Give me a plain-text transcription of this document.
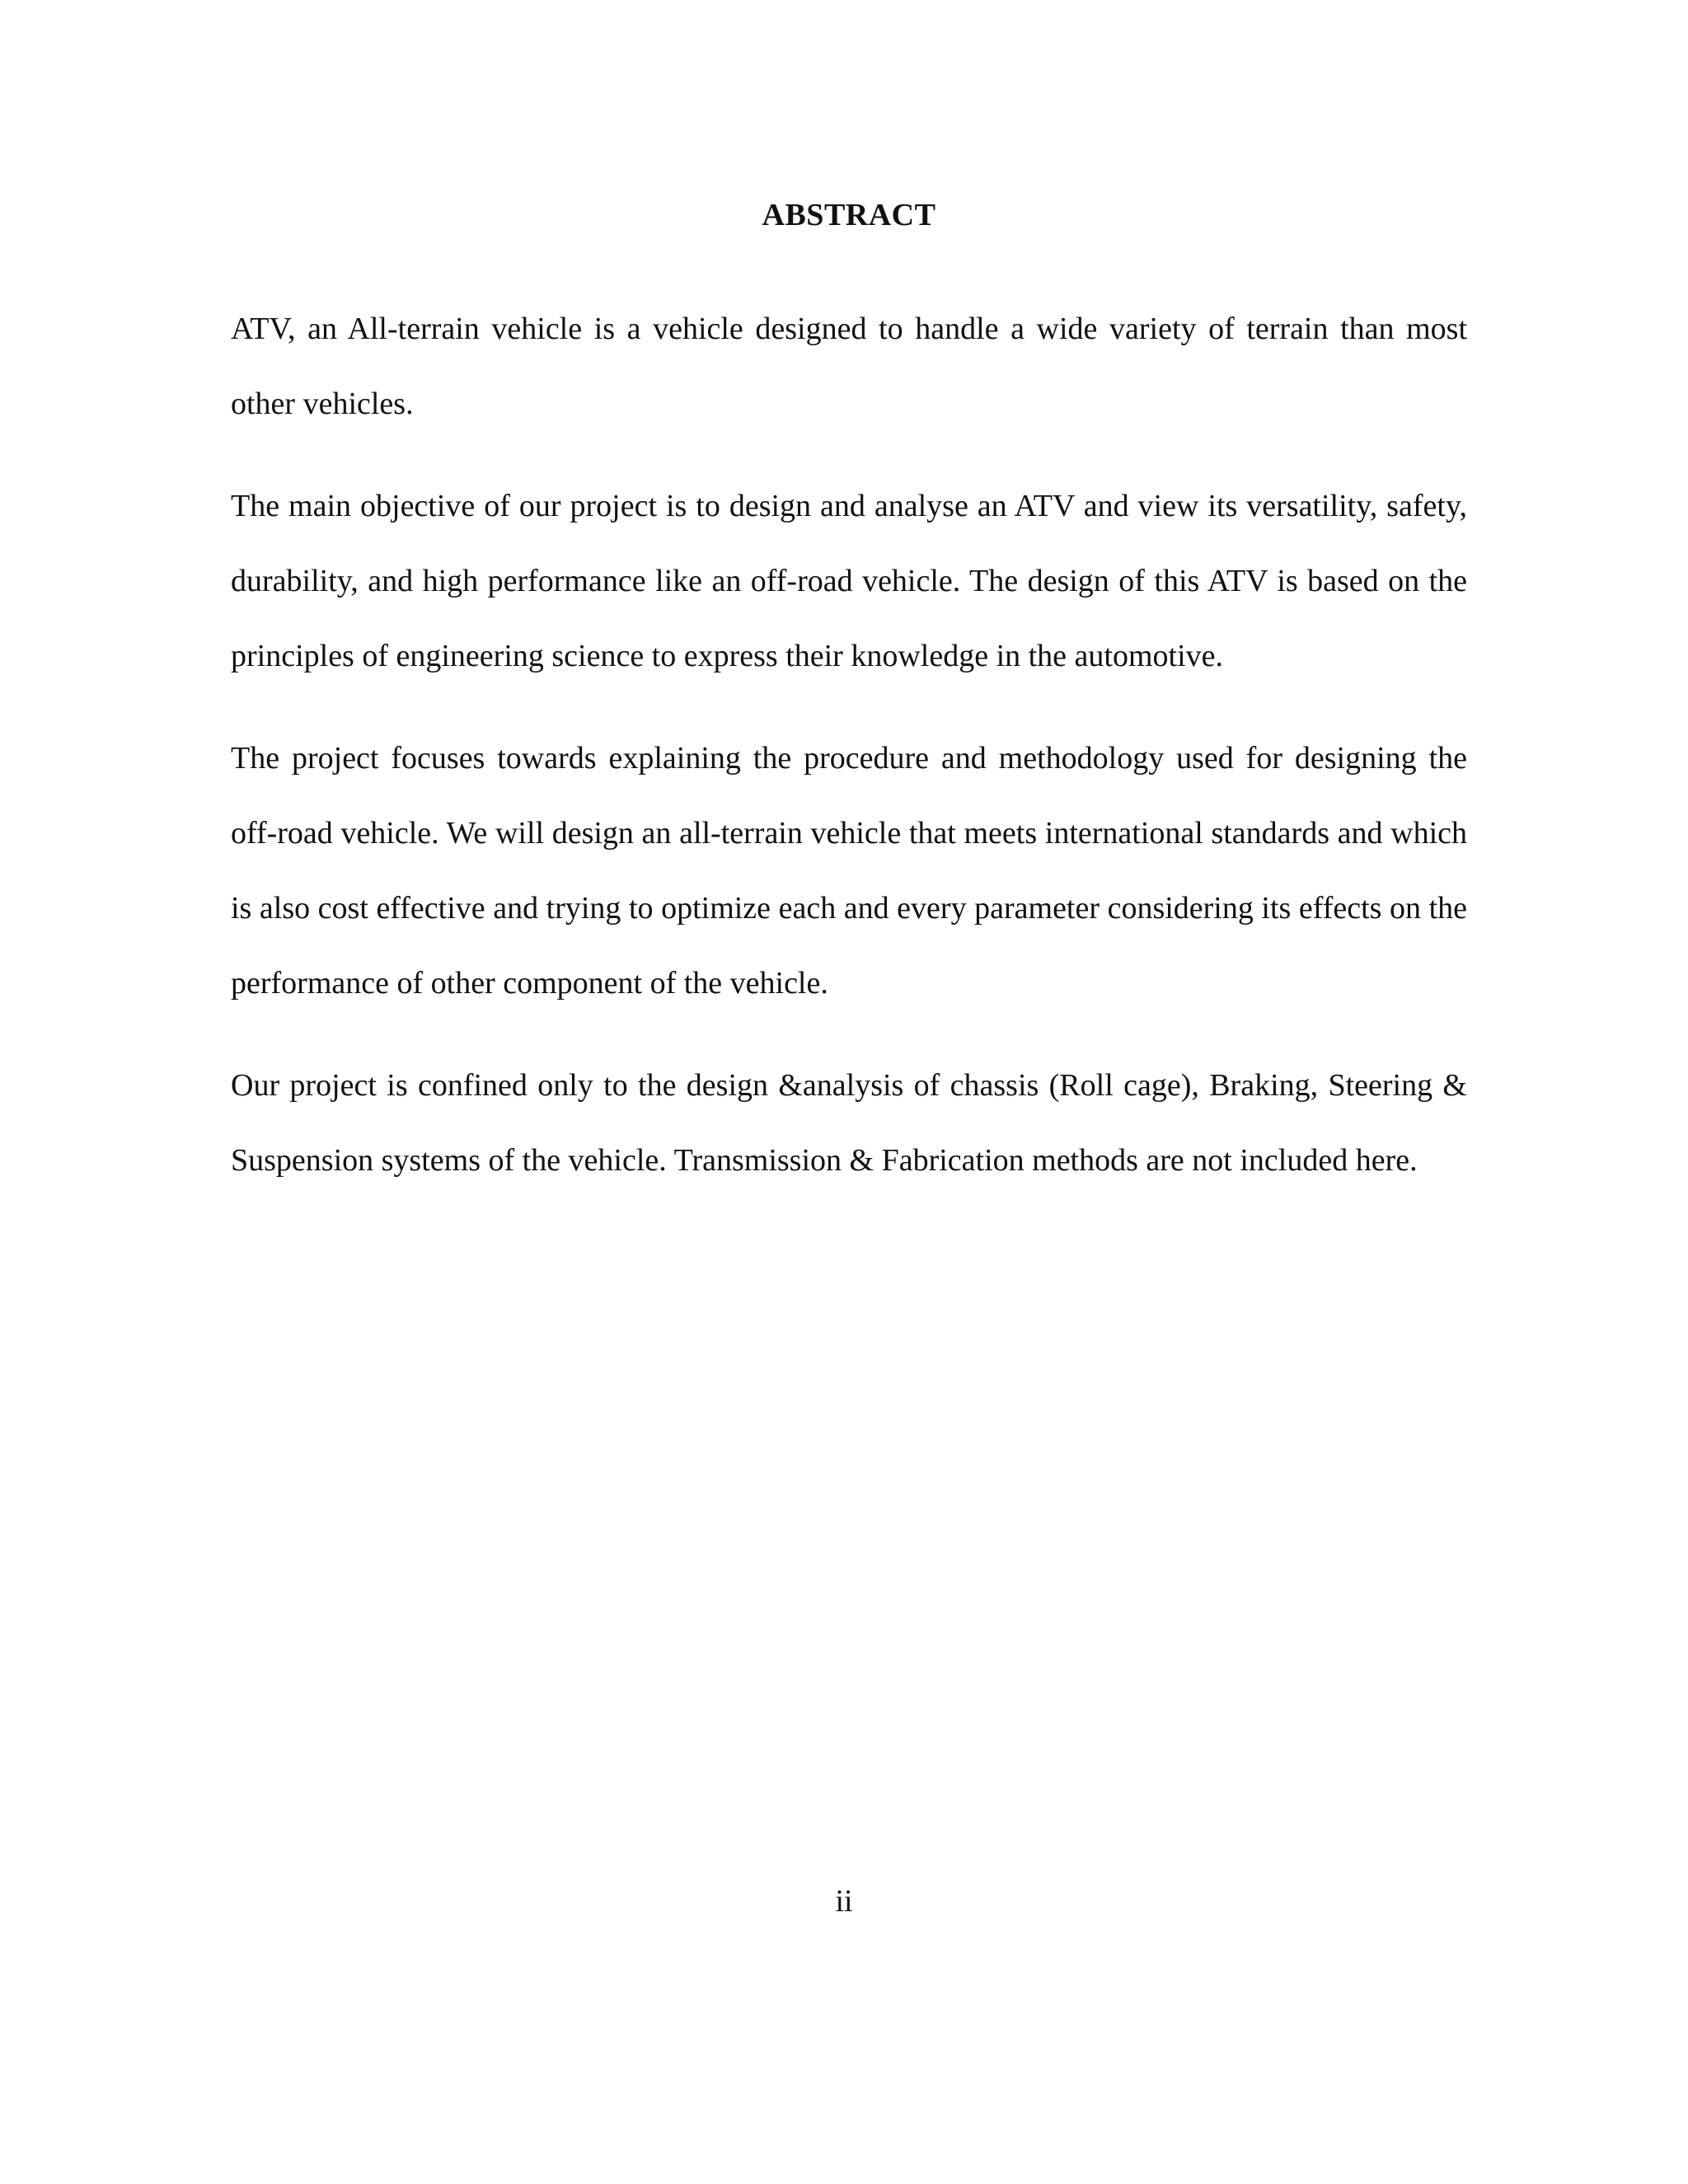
ABSTRACT

ATV, an All-terrain vehicle is a vehicle designed to handle a wide variety of terrain than most other vehicles.

The main objective of our project is to design and analyse an ATV and view its versatility, safety, durability, and high performance like an off-road vehicle. The design of this ATV is based on the principles of engineering science to express their knowledge in the automotive.

The project focuses towards explaining the procedure and methodology used for designing the off-road vehicle. We will design an all-terrain vehicle that meets international standards and which is also cost effective and trying to optimize each and every parameter considering its effects on the performance of other component of the vehicle.

Our project is confined only to the design &analysis of chassis (Roll cage), Braking, Steering & Suspension systems of the vehicle. Transmission & Fabrication methods are not included here.

ii
